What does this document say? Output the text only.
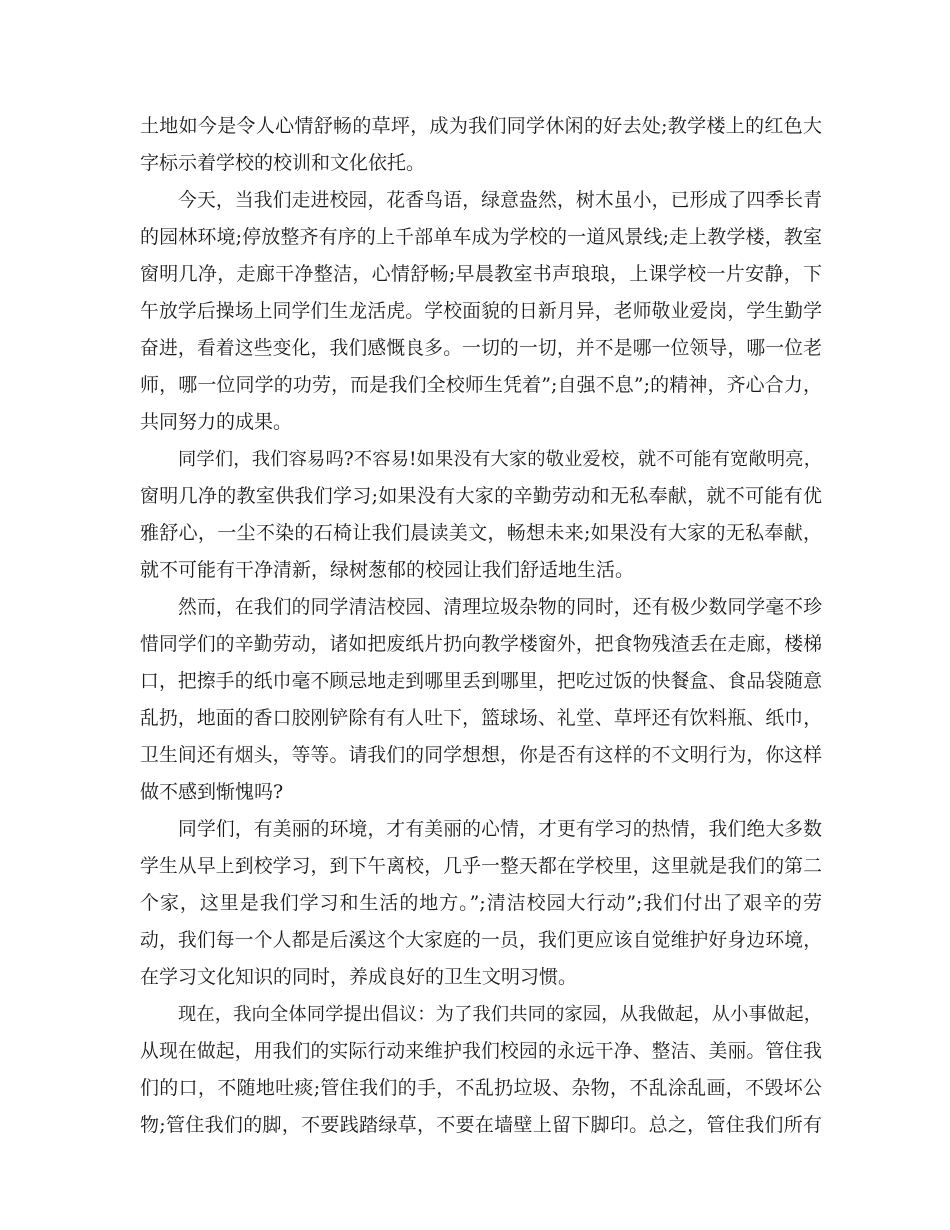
土地如今是令人心情舒畅的草坪，成为我们同学休闲的好去处;教学楼上的红色大
字标示着学校的校训和文化依托。
今天，当我们走进校园，花香鸟语，绿意盎然，树木虽小，已形成了四季长青
的园林环境;停放整齐有序的上千部单车成为学校的一道风景线;走上教学楼，教室
窗明几净，走廊干净整洁，心情舒畅;早晨教室书声琅琅，上课学校一片安静，下
午放学后操场上同学们生龙活虎。学校面貌的日新月异，老师敬业爱岗，学生勤学
奋进，看着这些变化，我们感慨良多。一切的一切，并不是哪一位领导，哪一位老
师，哪一位同学的功劳，而是我们全校师生凭着”;自强不息”;的精神，齐心合力，
共同努力的成果。
同学们，我们容易吗?不容易!如果没有大家的敬业爱校，就不可能有宽敞明亮，
窗明几净的教室供我们学习;如果没有大家的辛勤劳动和无私奉献，就不可能有优
雅舒心，一尘不染的石椅让我们晨读美文，畅想未来;如果没有大家的无私奉献，
就不可能有干净清新，绿树葱郁的校园让我们舒适地生活。
然而，在我们的同学清洁校园、清理垃圾杂物的同时，还有极少数同学毫不珍
惜同学们的辛勤劳动，诸如把废纸片扔向教学楼窗外，把食物残渣丢在走廊，楼梯
口，把擦手的纸巾毫不顾忌地走到哪里丢到哪里，把吃过饭的快餐盒、食品袋随意
乱扔，地面的香口胶刚铲除有有人吐下，篮球场、礼堂、草坪还有饮料瓶、纸巾，
卫生间还有烟头，等等。请我们的同学想想，你是否有这样的不文明行为，你这样
做不感到惭愧吗?
同学们，有美丽的环境，才有美丽的心情，才更有学习的热情，我们绝大多数
学生从早上到校学习，到下午离校，几乎一整天都在学校里，这里就是我们的第二
个家，这里是我们学习和生活的地方。”;清洁校园大行动”;我们付出了艰辛的劳
动，我们每一个人都是后溪这个大家庭的一员，我们更应该自觉维护好身边环境，
在学习文化知识的同时，养成良好的卫生文明习惯。
现在，我向全体同学提出倡议：为了我们共同的家园，从我做起，从小事做起，
从现在做起，用我们的实际行动来维护我们校园的永远干净、整洁、美丽。管住我
们的口，不随地吐痰;管住我们的手，不乱扔垃圾、杂物，不乱涂乱画，不毁坏公
物;管住我们的脚，不要践踏绿草，不要在墙壁上留下脚印。总之，管住我们所有
